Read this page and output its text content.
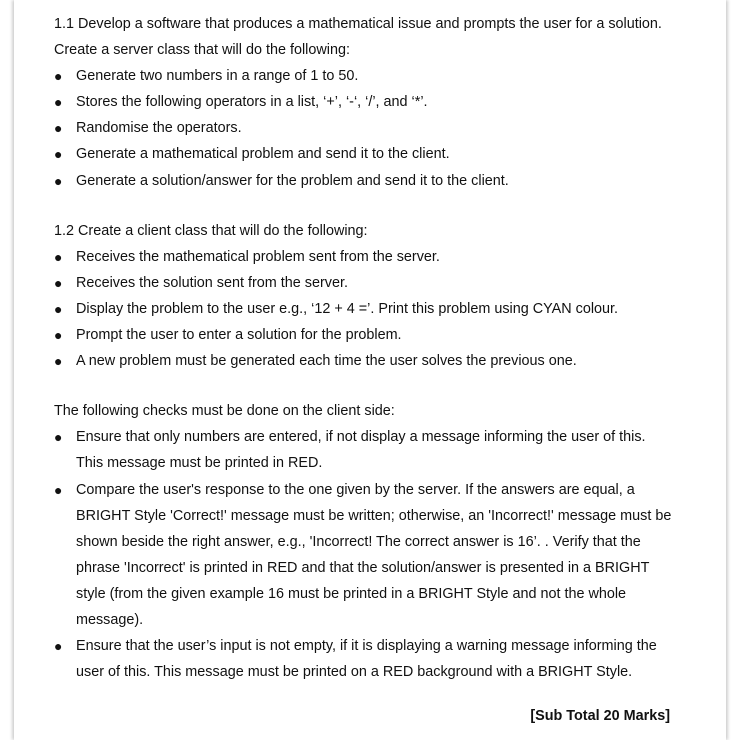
1.1 Develop a software that produces a mathematical issue and prompts the user for a solution.

Create a server class that will do the following:

● Generate two numbers in a range of 1 to 50.
● Stores the following operators in a list, ‘+’, ‘-‘, ‘/’, and ‘*’.
● Randomise the operators.
● Generate a mathematical problem and send it to the client.
● Generate a solution/answer for the problem and send it to the client.

1.2 Create a client class that will do the following:

● Receives the mathematical problem sent from the server.
● Receives the solution sent from the server.
● Display the problem to the user e.g., ‘12 + 4 =’. Print this problem using CYAN colour.
● Prompt the user to enter a solution for the problem.
● A new problem must be generated each time the user solves the previous one.

The following checks must be done on the client side:

● Ensure that only numbers are entered, if not display a message informing the user of this.

This message must be printed in RED.

● Compare the user's response to the one given by the server. If the answers are equal, a

BRIGHT Style 'Correct!' message must be written; otherwise, an 'Incorrect!' message must be

shown beside the right answer, e.g., 'Incorrect! The correct answer is 16’. . Verify that the

phrase 'Incorrect' is printed in RED and that the solution/answer is presented in a BRIGHT

style (from the given example 16 must be printed in a BRIGHT Style and not the whole

message).

● Ensure that the user’s input is not empty, if it is displaying a warning message informing the

user of this. This message must be printed on a RED background with a BRIGHT Style.

[Sub Total 20 Marks]
